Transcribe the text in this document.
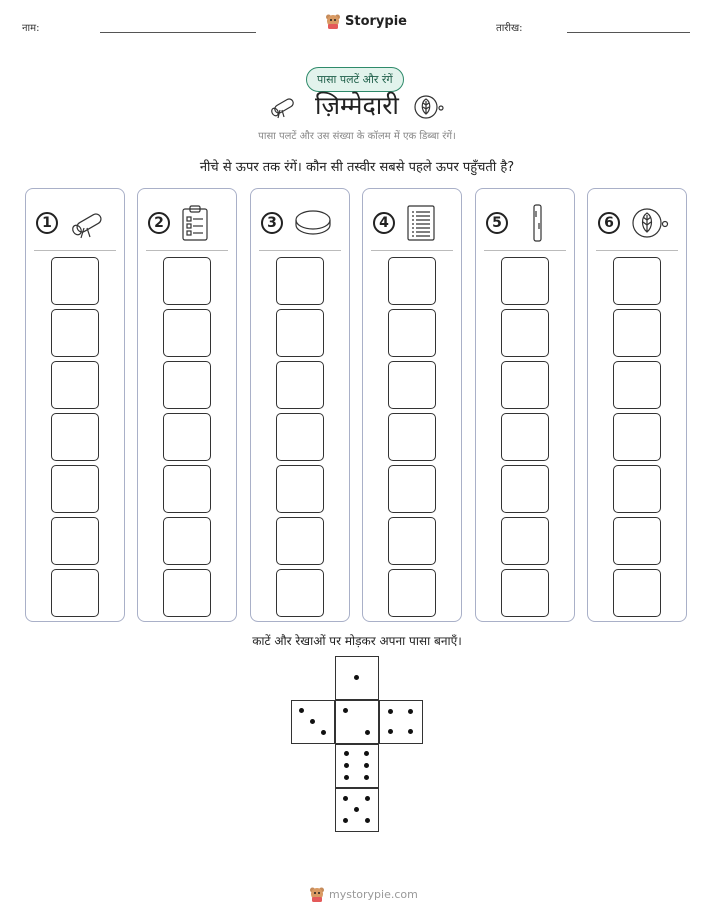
नाम:	Storypie	तारीख:
पासा पलटें और रंगें
ज़िम्मेदारी
पासा पलटें और उस संख्या के कॉलम में एक डिब्बा रंगें।
नीचे से ऊपर तक रंगें। कौन सी तस्वीर सबसे पहले ऊपर पहुँचती है?
1	2	3	4	5	6
काटें और रेखाओं पर मोड़कर अपना पासा बनाएँ।
mystorypie.com
